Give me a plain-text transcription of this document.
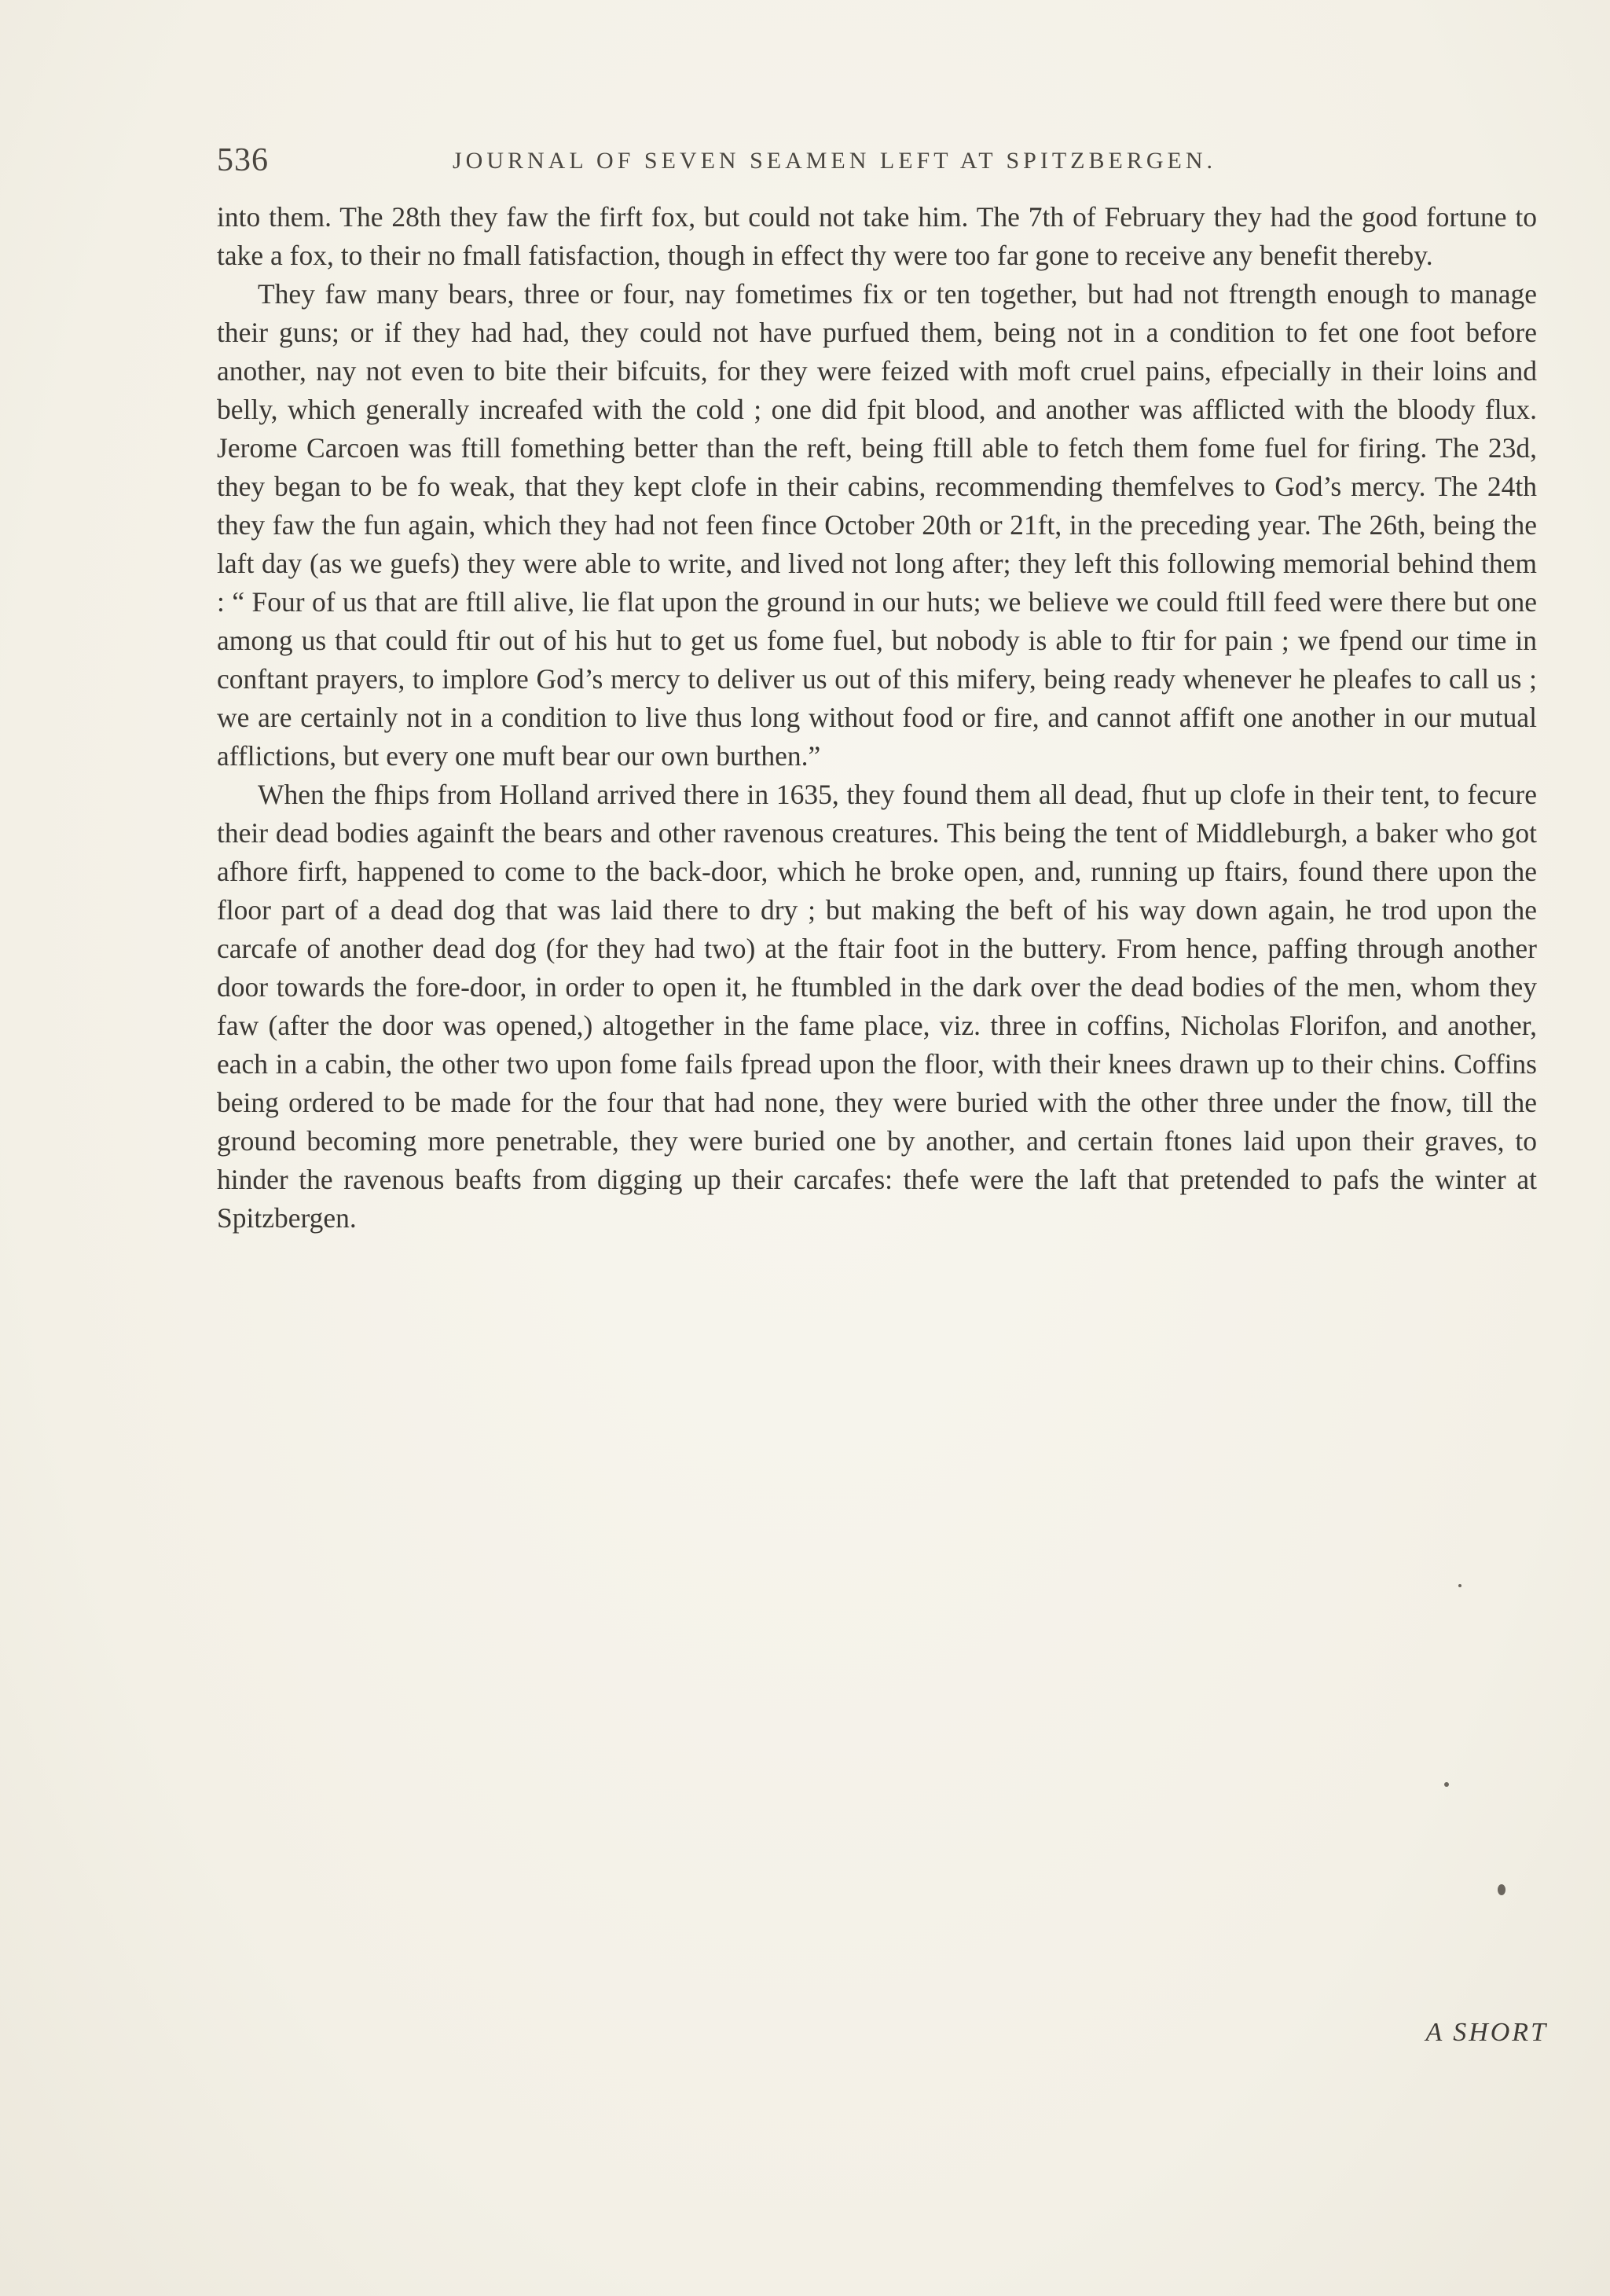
536	JOURNAL OF SEVEN SEAMEN LEFT AT SPITZBERGEN.

into them. The 28th they faw the firft fox, but could not take him. The 7th of February they had the good fortune to take a fox, to their no fmall fatisfaction, though in effect thy were too far gone to receive any benefit thereby.

They faw many bears, three or four, nay fometimes fix or ten together, but had not ftrength enough to manage their guns; or if they had had, they could not have purfued them, being not in a condition to fet one foot before another, nay not even to bite their bifcuits, for they were feized with moft cruel pains, efpecially in their loins and belly, which generally increafed with the cold ; one did fpit blood, and another was afflicted with the bloody flux. Jerome Carcoen was ftill fomething better than the reft, being ftill able to fetch them fome fuel for firing. The 23d, they began to be fo weak, that they kept clofe in their cabins, recommending themfelves to God’s mercy. The 24th they faw the fun again, which they had not feen fince October 20th or 21ft, in the preceding year. The 26th, being the laft day (as we guefs) they were able to write, and lived not long after; they left this following memorial behind them : “ Four of us that are ftill alive, lie flat upon the ground in our huts; we believe we could ftill feed were there but one among us that could ftir out of his hut to get us fome fuel, but nobody is able to ftir for pain ; we fpend our time in conftant prayers, to implore God’s mercy to deliver us out of this mifery, being ready whenever he pleafes to call us ; we are certainly not in a condition to live thus long without food or fire, and cannot affift one another in our mutual afflictions, but every one muft bear our own burthen.”

When the fhips from Holland arrived there in 1635, they found them all dead, fhut up clofe in their tent, to fecure their dead bodies againft the bears and other ravenous creatures. This being the tent of Middleburgh, a baker who got afhore firft, happened to come to the back-door, which he broke open, and, running up ftairs, found there upon the floor part of a dead dog that was laid there to dry ; but making the beft of his way down again, he trod upon the carcafe of another dead dog (for they had two) at the ftair foot in the buttery. From hence, paffing through another door towards the fore-door, in order to open it, he ftumbled in the dark over the dead bodies of the men, whom they faw (after the door was opened,) altogether in the fame place, viz. three in coffins, Nicholas Florifon, and another, each in a cabin, the other two upon fome fails fpread upon the floor, with their knees drawn up to their chins. Coffins being ordered to be made for the four that had none, they were buried with the other three under the fnow, till the ground becoming more penetrable, they were buried one by another, and certain ftones laid upon their graves, to hinder the ravenous beafts from digging up their carcafes: thefe were the laft that pretended to pafs the winter at Spitzbergen.

A SHORT
